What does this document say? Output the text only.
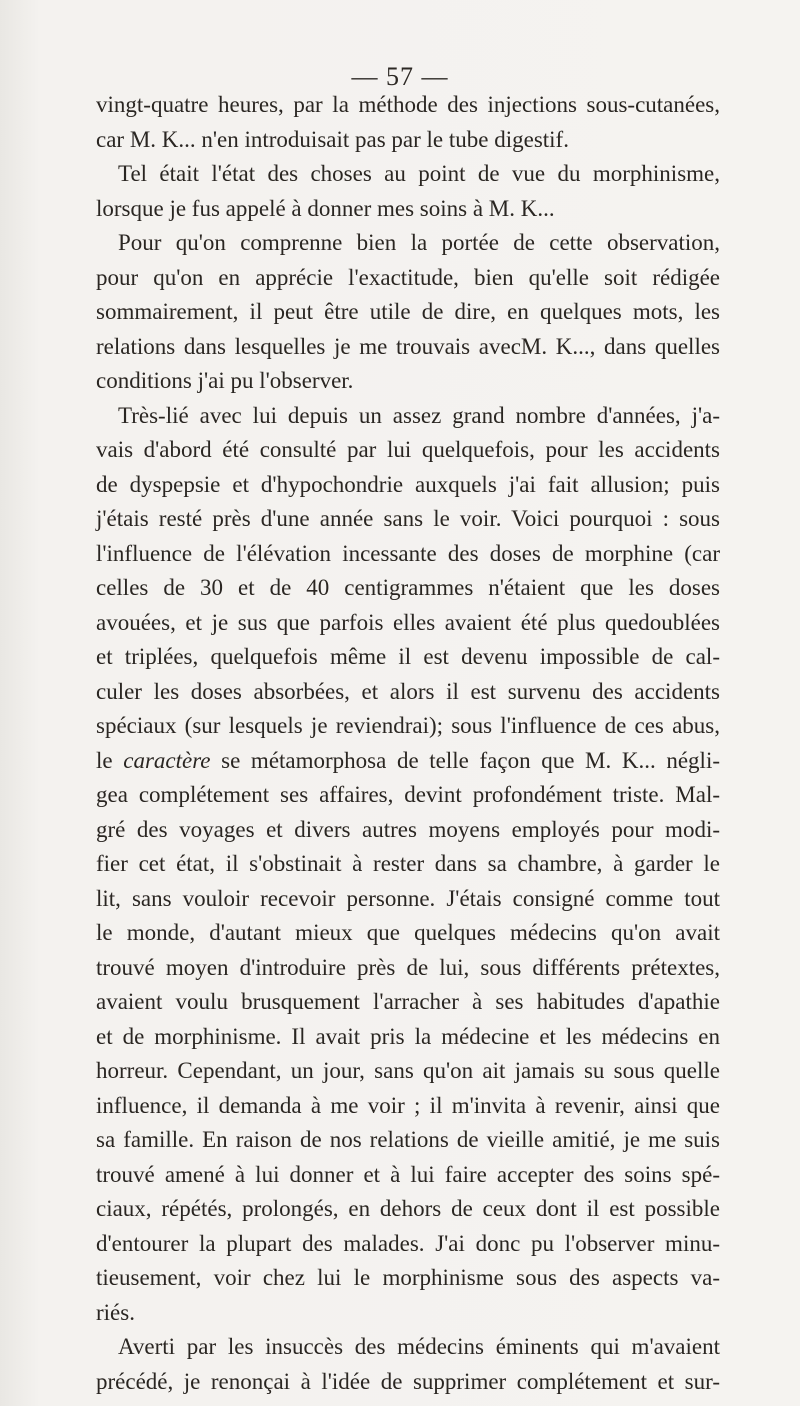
— 57 —
vingt-quatre heures, par la méthode des injections sous-cutanées,
car M. K... n'en introduisait pas par le tube digestif.
Tel était l'état des choses au point de vue du morphinisme,
lorsque je fus appelé à donner mes soins à M. K...
Pour qu'on comprenne bien la portée de cette observation,
pour qu'on en apprécie l'exactitude, bien qu'elle soit rédigée
sommairement, il peut être utile de dire, en quelques mots, les
relations dans lesquelles je me trouvais avecM. K..., dans quelles
conditions j'ai pu l'observer.
Très-lié avec lui depuis un assez grand nombre d'années, j'a-
vais d'abord été consulté par lui quelquefois, pour les accidents
de dyspepsie et d'hypochondrie auxquels j'ai fait allusion; puis
j'étais resté près d'une année sans le voir. Voici pourquoi : sous
l'influence de l'élévation incessante des doses de morphine (car
celles de 30 et de 40 centigrammes n'étaient que les doses
avouées, et je sus que parfois elles avaient été plus quedoublées
et triplées, quelquefois même il est devenu impossible de cal-
culer les doses absorbées, et alors il est survenu des accidents
spéciaux (sur lesquels je reviendrai); sous l'influence de ces abus,
le caractère se métamorphosa de telle façon que M. K... négli-
gea complétement ses affaires, devint profondément triste. Mal-
gré des voyages et divers autres moyens employés pour modi-
fier cet état, il s'obstinait à rester dans sa chambre, à garder le
lit, sans vouloir recevoir personne. J'étais consigné comme tout
le monde, d'autant mieux que quelques médecins qu'on avait
trouvé moyen d'introduire près de lui, sous différents prétextes,
avaient voulu brusquement l'arracher à ses habitudes d'apathie
et de morphinisme. Il avait pris la médecine et les médecins en
horreur. Cependant, un jour, sans qu'on ait jamais su sous quelle
influence, il demanda à me voir ; il m'invita à revenir, ainsi que
sa famille. En raison de nos relations de vieille amitié, je me suis
trouvé amené à lui donner et à lui faire accepter des soins spé-
ciaux, répétés, prolongés, en dehors de ceux dont il est possible
d'entourer la plupart des malades. J'ai donc pu l'observer minu-
tieusement, voir chez lui le morphinisme sous des aspects va-
riés.
Averti par les insuccès des médecins éminents qui m'avaient
précédé, je renonçai à l'idée de supprimer complétement et sur-
